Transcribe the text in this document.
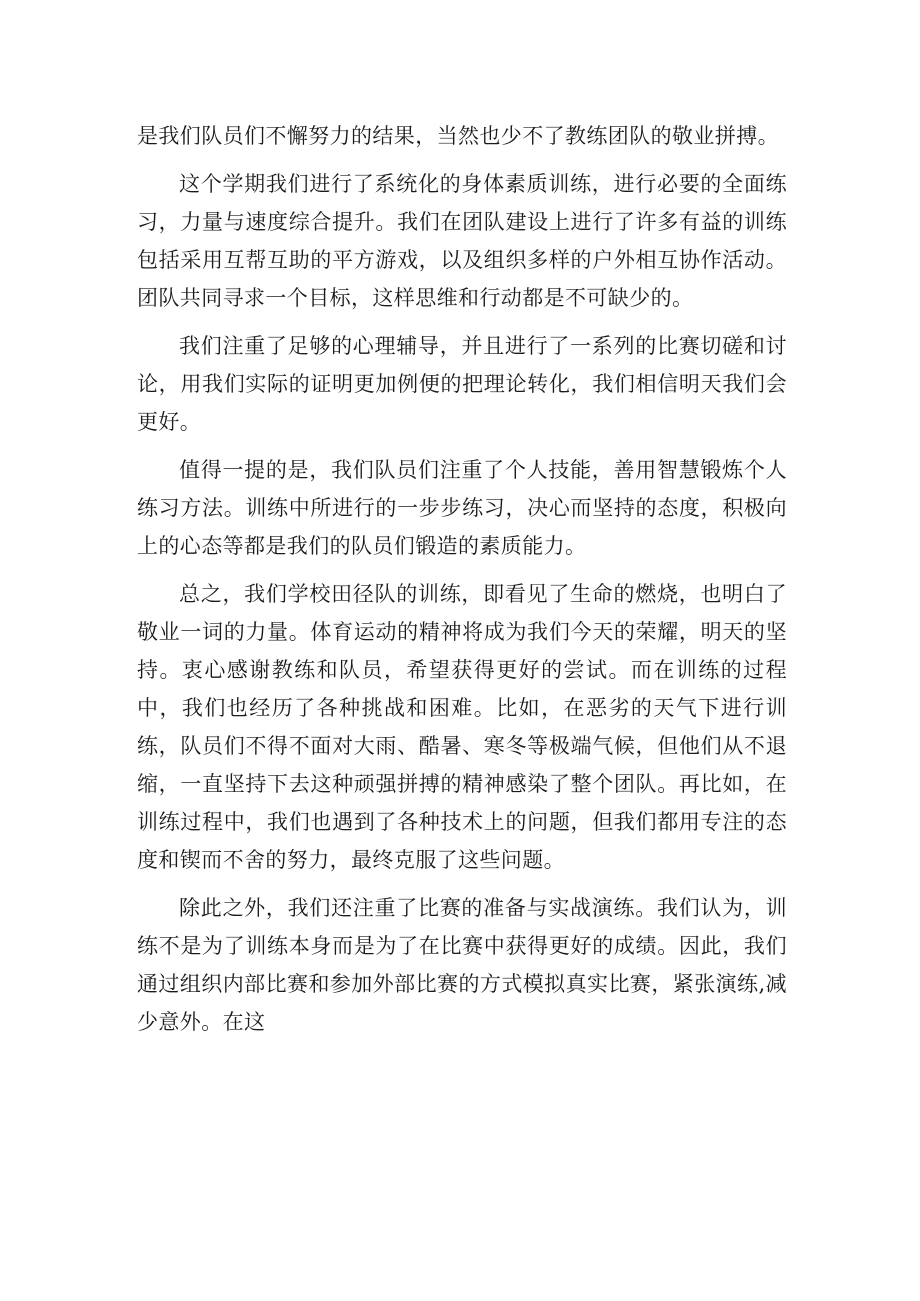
是我们队员们不懈努力的结果，当然也少不了教练团队的敬业拼搏。

这个学期我们进行了系统化的身体素质训练，进行必要的全面练习，力量与速度综合提升。我们在团队建设上进行了许多有益的训练包括采用互帮互助的平方游戏，以及组织多样的户外相互协作活动。团队共同寻求一个目标，这样思维和行动都是不可缺少的。

我们注重了足够的心理辅导，并且进行了一系列的比赛切磋和讨论，用我们实际的证明更加例便的把理论转化，我们相信明天我们会更好。

值得一提的是，我们队员们注重了个人技能，善用智慧锻炼个人练习方法。训练中所进行的一步步练习，决心而坚持的态度，积极向上的心态等都是我们的队员们锻造的素质能力。

总之，我们学校田径队的训练，即看见了生命的燃烧，也明白了敬业一词的力量。体育运动的精神将成为我们今天的荣耀，明天的坚持。衷心感谢教练和队员，希望获得更好的尝试。而在训练的过程中，我们也经历了各种挑战和困难。比如，在恶劣的天气下进行训练，队员们不得不面对大雨、酷暑、寒冬等极端气候，但他们从不退缩，一直坚持下去这种顽强拼搏的精神感染了整个团队。再比如，在训练过程中，我们也遇到了各种技术上的问题，但我们都用专注的态度和锲而不舍的努力，最终克服了这些问题。

除此之外，我们还注重了比赛的准备与实战演练。我们认为，训练不是为了训练本身而是为了在比赛中获得更好的成绩。因此，我们通过组织内部比赛和参加外部比赛的方式模拟真实比赛，紧张演练,减少意外。在这
